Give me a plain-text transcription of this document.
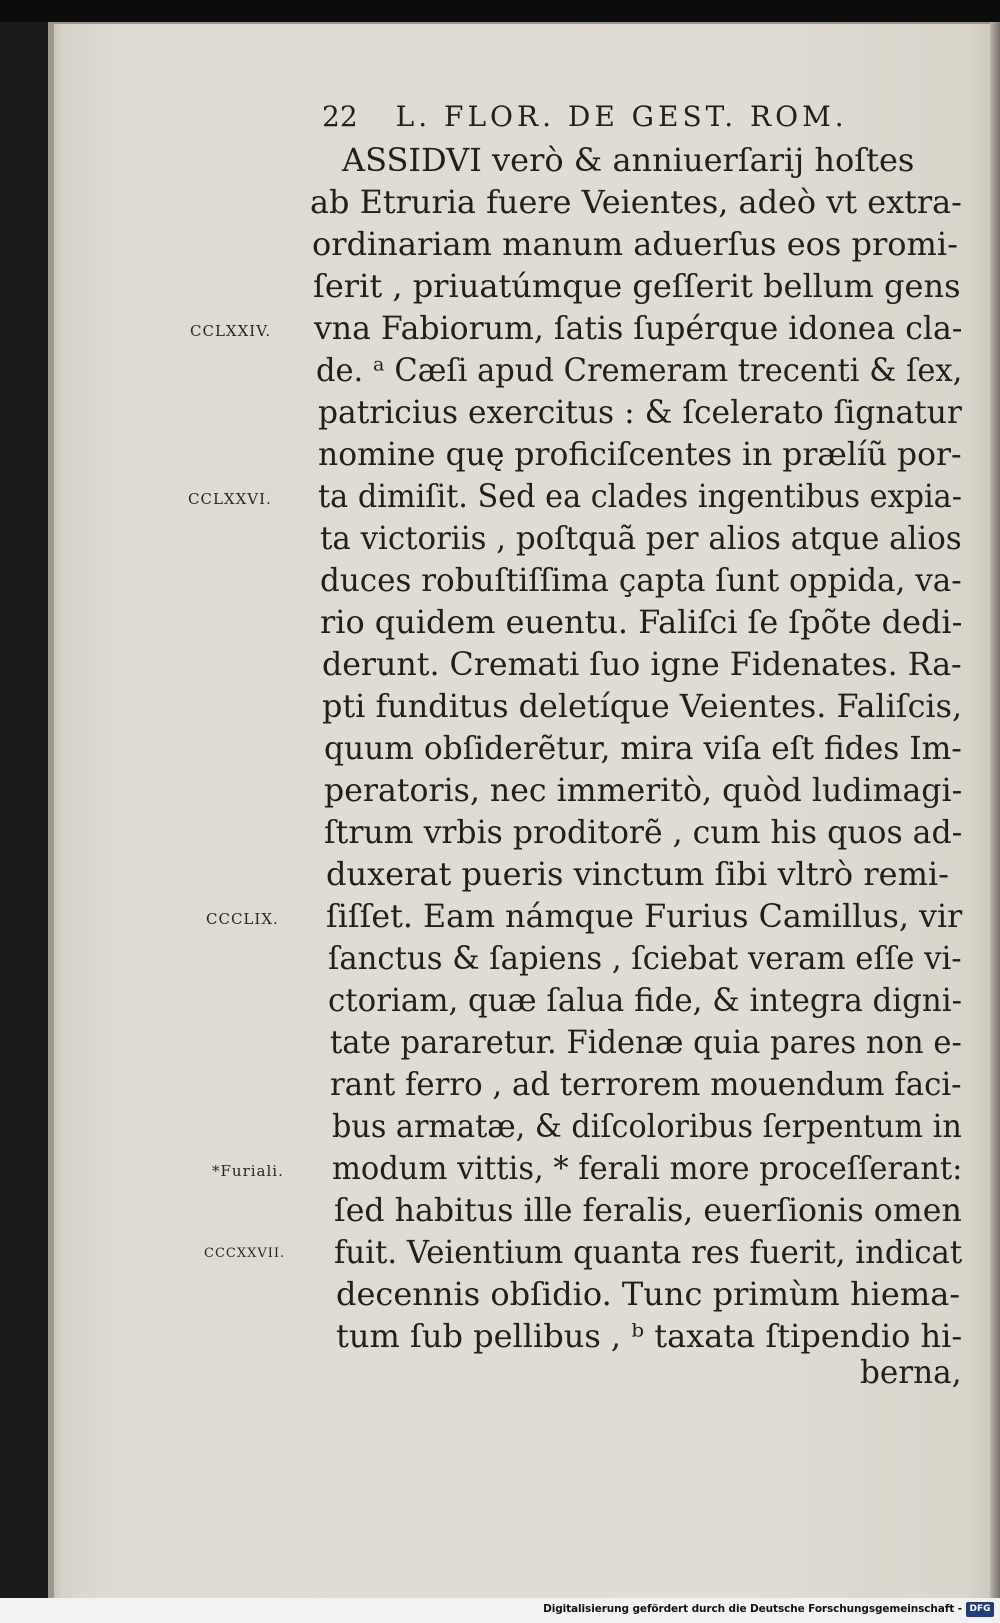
22 L. FLOR. DE GEST. ROM.
ASSIDVI verò & anniuerſarij hoſtes
ab Etruria fuere Veientes, adeò vt extra-
ordinariam manum aduerſus eos promi-
ſerit , priuatúmque geſſerit bellum gens
vna Fabiorum, ſatis ſupérque idonea cla-
de. ᵃ Cæſi apud Cremeram trecenti & ſex,
patricius exercitus : & ſcelerato ſignatur
nomine quę proficiſcentes in prælíũ por-
ta dimiſit. Sed ea clades ingentibus expia-
ta victoriis , poſtquã per alios atque alios
duces robuſtiſſima çapta ſunt oppida, va-
rio quidem euentu. Faliſci ſe ſpõte dedi-
derunt. Cremati ſuo igne Fidenates. Ra-
pti funditus deletíque Veientes. Faliſcis,
quum obſiderẽtur, mira viſa eſt fides Im-
peratoris, nec immeritò, quòd ludimagi-
ſtrum vrbis proditorẽ , cum his quos ad-
duxerat pueris vinctum ſibi vltrò remi-
ſiſſet. Eam námque Furius Camillus, vir
ſanctus & ſapiens , ſciebat veram eſſe vi-
ctoriam, quæ ſalua fide, & integra digni-
tate pararetur. Fidenæ quia pares non e-
rant ferro , ad terrorem mouendum faci-
bus armatæ, & diſcoloribus ſerpentum in
modum vittis, * ferali more proceſſerant:
ſed habitus ille feralis, euerſionis omen
fuit. Veientium quanta res fuerit, indicat
decennis obſidio. Tunc primùm hiema-
tum ſub pellibus , ᵇ taxata ſtipendio hi-
berna,
CCLXXIV.
CCLXXVI.
CCCLIX.
*Furiali.
CCCXXVII.
Digitalisierung gefördert durch die Deutsche Forschungsgemeinschaft - DFG
